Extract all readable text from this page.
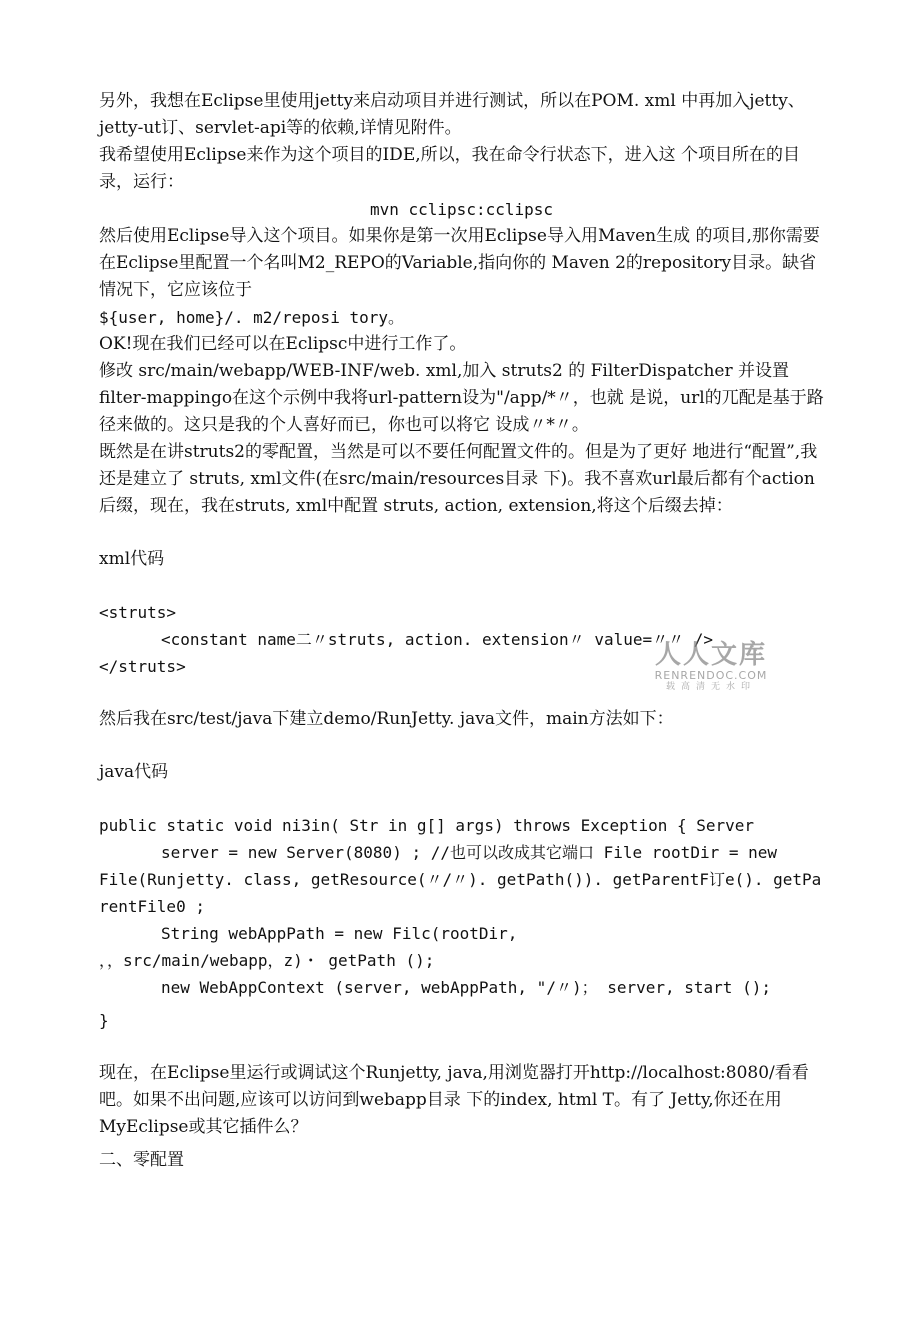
另外，我想在Eclipse里使用jetty来启动项目并进行测试，所以在POM. xml 中再加入jetty、jetty-ut订、servlet-api等的依赖,详情见附件。

我希望使用Eclipse来作为这个项目的IDE,所以，我在命令行状态下，进入这 个项目所在的目录，运行：

mvn cclipsc:cclipsc

然后使用Eclipse导入这个项目。如果你是第一次用Eclipse导入用Maven生成 的项目,那你需要在Eclipse里配置一个名叫M2_REPO的Variable,指向你的 Maven 2的repository目录。缺省情况下，它应该位于

${user, home}/. m2/reposi tory。

OK!现在我们已经可以在Eclipsc中进行工作了。

修改 src/main/webapp/WEB-INF/web. xml,加入 struts2 的 FilterDispatcher 并设置filter-mappingo在这个示例中我将url-pattern设为"/app/*〃，也就 是说，url的兀配是基于路径来做的。这只是我的个人喜好而已，你也可以将它 设成〃*〃。

既然是在讲struts2的零配置，当然是可以不要任何配置文件的。但是为了更好 地进行“配置”,我还是建立了 struts, xml文件(在src/main/resources目录 下)。我不喜欢url最后都有个action后缀，现在，我在struts, xml中配置 struts, action, extension,将这个后缀去掉：

xml代码

<struts>

<constant name二〃struts, action. extension〃 value=〃〃 />

</struts>

然后我在src/test/java下建立demo/RunJetty. java文件，main方法如下：

java代码

public static void ni3in( Str in g[] args) throws Exception { Server

server = new Server(8080) ; //也可以改成其它端口 File rootDir = new

File(Runjetty. class, getResource(〃/〃). getPath()). getParentF订e(). getPa rentFile0 ;

String webAppPath = new Filc(rootDir,

，，src/main/webapp，z)・ getPath ();

new WebAppContext (server, webAppPath, "/〃)； server, start ();

}

现在，在Eclipse里运行或调试这个Runjetty, java,用浏览器打开http://localhost:8080/看看吧。如果不出问题,应该可以访问到webapp目录 下的index, html T。有了 Jetty,你还在用MyEclipse或其它插件么？

二、零配置

人人文库
RENRENDOC.COM
载高清无水印
